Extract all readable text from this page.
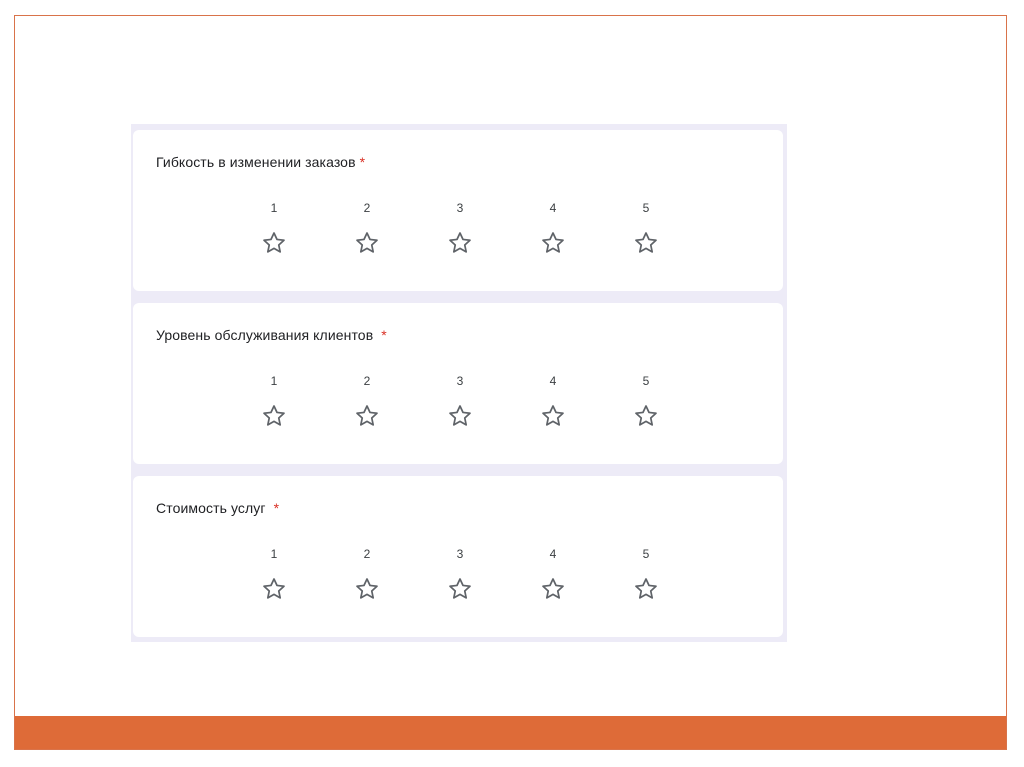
Гибкость в изменении заказов *
1	2	3	4	5
Уровень обслуживания клиентов *
1	2	3	4	5
Стоимость услуг *
1	2	3	4	5
